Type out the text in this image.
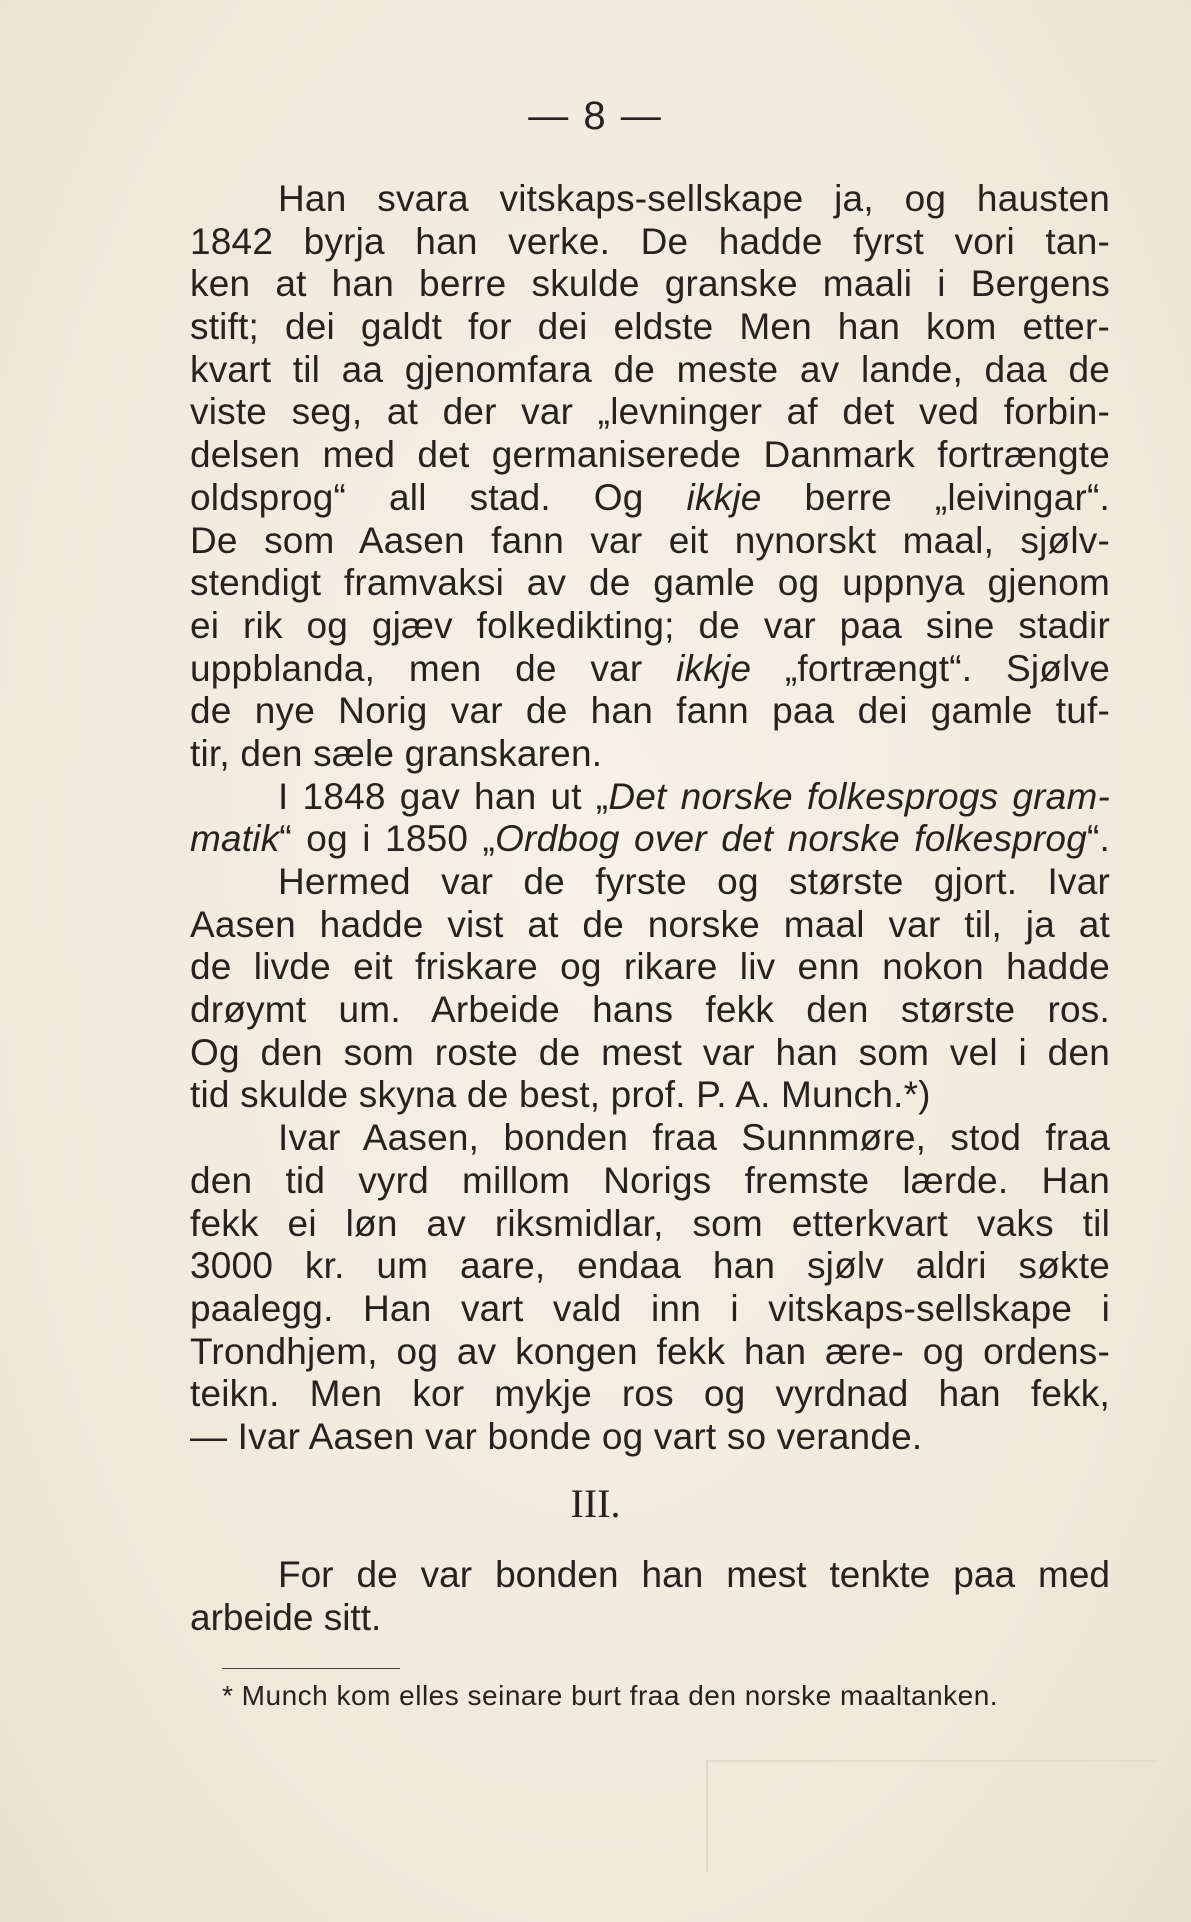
— 8 —
Han svara vitskaps-sellskape ja, og hausten
1842 byrja han verke. De hadde fyrst vori tan-
ken at han berre skulde granske maali i Bergens
stift; dei galdt for dei eldste Men han kom etter-
kvart til aa gjenomfara de meste av lande, daa de
viste seg, at der var „levninger af det ved forbin-
delsen med det germaniserede Danmark fortrængte
oldsprog“ all stad. Og ikkje berre „leivingar“.
De som Aasen fann var eit nynorskt maal, sjølv-
stendigt framvaksi av de gamle og uppnya gjenom
ei rik og gjæv folkedikting; de var paa sine stadir
uppblanda, men de var ikkje „fortrængt“. Sjølve
de nye Norig var de han fann paa dei gamle tuf-
tir, den sæle granskaren.
I 1848 gav han ut „Det norske folkesprogs gram-
matik“ og i 1850 „Ordbog over det norske folkesprog“.
Hermed var de fyrste og største gjort. Ivar
Aasen hadde vist at de norske maal var til, ja at
de livde eit friskare og rikare liv enn nokon hadde
drøymt um. Arbeide hans fekk den største ros.
Og den som roste de mest var han som vel i den
tid skulde skyna de best, prof. P. A. Munch.*)
Ivar Aasen, bonden fraa Sunnmøre, stod fraa
den tid vyrd millom Norigs fremste lærde. Han
fekk ei løn av riksmidlar, som etterkvart vaks til
3000 kr. um aare, endaa han sjølv aldri søkte
paalegg. Han vart vald inn i vitskaps-sellskape i
Trondhjem, og av kongen fekk han ære- og ordens-
teikn. Men kor mykje ros og vyrdnad han fekk,
— Ivar Aasen var bonde og vart so verande.
III.
For de var bonden han mest tenkte paa med
arbeide sitt.
* Munch kom elles seinare burt fraa den norske maaltanken.
